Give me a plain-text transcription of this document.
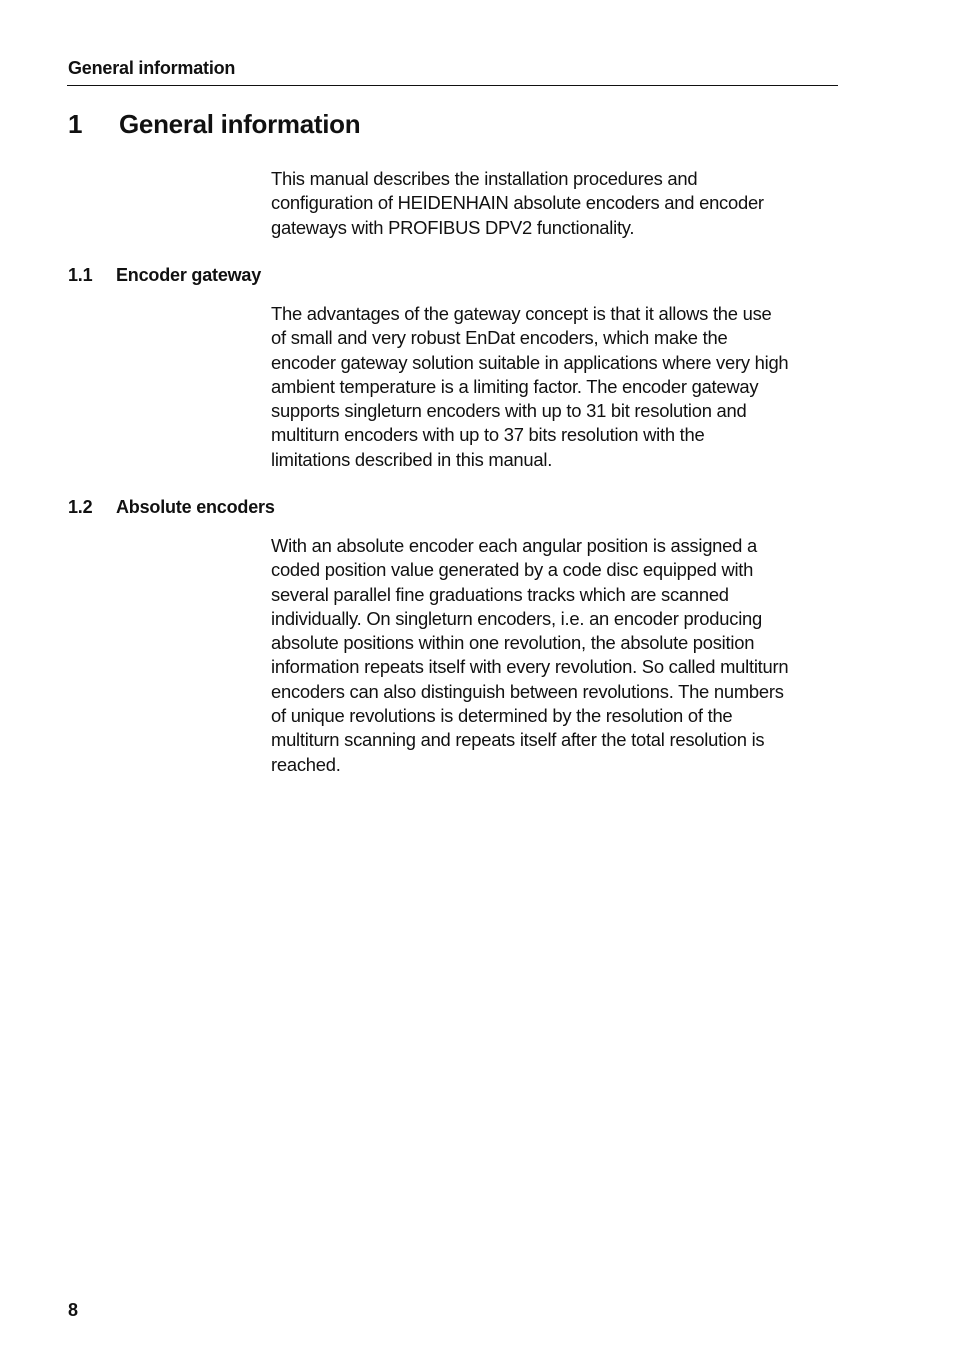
General information
1 General information
This manual describes the installation procedures and
configuration of HEIDENHAIN absolute encoders and encoder
gateways with PROFIBUS DPV2 functionality.
1.1 Encoder gateway
The advantages of the gateway concept is that it allows the use
of small and very robust EnDat encoders, which make the
encoder gateway solution suitable in applications where very high
ambient temperature is a limiting factor. The encoder gateway
supports singleturn encoders with up to 31 bit resolution and
multiturn encoders with up to 37 bits resolution with the
limitations described in this manual.
1.2 Absolute encoders
With an absolute encoder each angular position is assigned a
coded position value generated by a code disc equipped with
several parallel fine graduations tracks which are scanned
individually. On singleturn encoders, i.e. an encoder producing
absolute positions within one revolution, the absolute position
information repeats itself with every revolution. So called multiturn
encoders can also distinguish between revolutions. The numbers
of unique revolutions is determined by the resolution of the
multiturn scanning and repeats itself after the total resolution is
reached.
8
